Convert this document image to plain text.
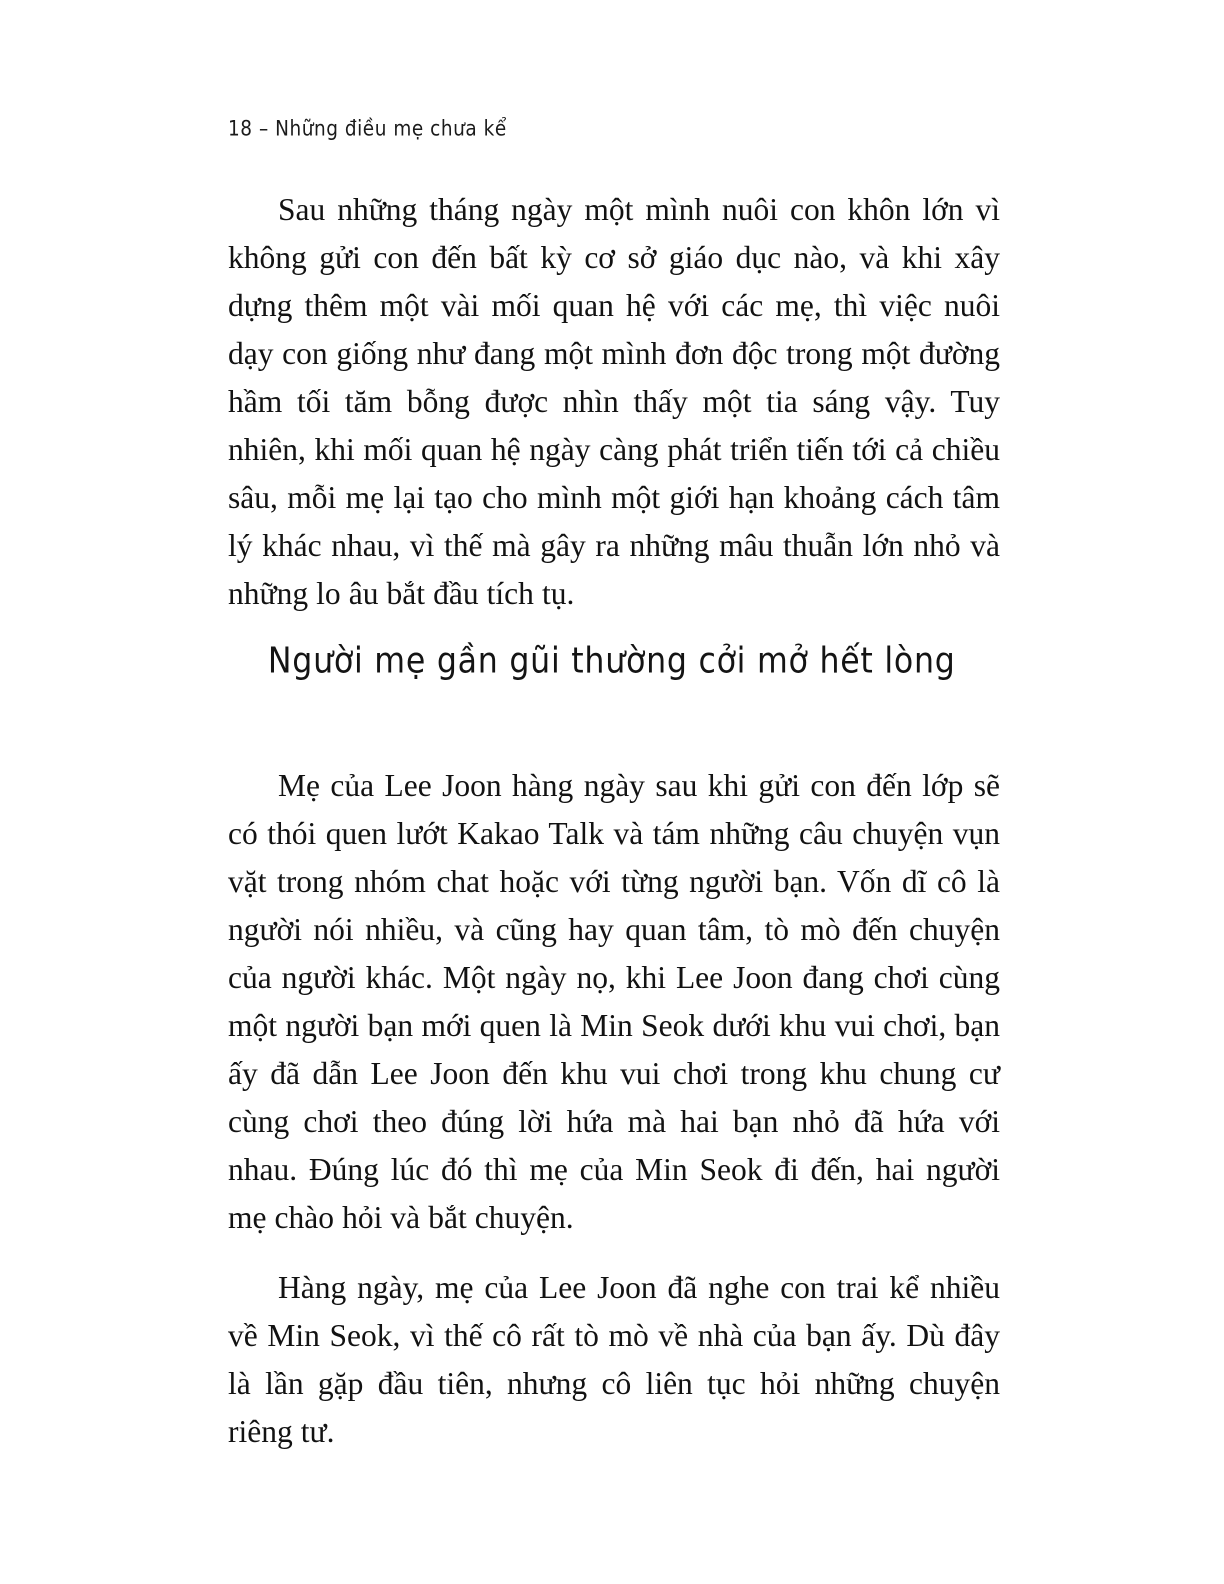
18 – Những điều mẹ chưa kể

Sau những tháng ngày một mình nuôi con khôn lớn vì không gửi con đến bất kỳ cơ sở giáo dục nào, và khi xây dựng thêm một vài mối quan hệ với các mẹ, thì việc nuôi dạy con giống như đang một mình đơn độc trong một đường hầm tối tăm bỗng được nhìn thấy một tia sáng vậy. Tuy nhiên, khi mối quan hệ ngày càng phát triển tiến tới cả chiều sâu, mỗi mẹ lại tạo cho mình một giới hạn khoảng cách tâm lý khác nhau, vì thế mà gây ra những mâu thuẫn lớn nhỏ và những lo âu bắt đầu tích tụ.

Người mẹ gần gũi thường cởi mở hết lòng

Mẹ của Lee Joon hàng ngày sau khi gửi con đến lớp sẽ có thói quen lướt Kakao Talk và tám những câu chuyện vụn vặt trong nhóm chat hoặc với từng người bạn. Vốn dĩ cô là người nói nhiều, và cũng hay quan tâm, tò mò đến chuyện của người khác. Một ngày nọ, khi Lee Joon đang chơi cùng một người bạn mới quen là Min Seok dưới khu vui chơi, bạn ấy đã dẫn Lee Joon đến khu vui chơi trong khu chung cư cùng chơi theo đúng lời hứa mà hai bạn nhỏ đã hứa với nhau. Đúng lúc đó thì mẹ của Min Seok đi đến, hai người mẹ chào hỏi và bắt chuyện.

Hàng ngày, mẹ của Lee Joon đã nghe con trai kể nhiều về Min Seok, vì thế cô rất tò mò về nhà của bạn ấy. Dù đây là lần gặp đầu tiên, nhưng cô liên tục hỏi những chuyện riêng tư.
